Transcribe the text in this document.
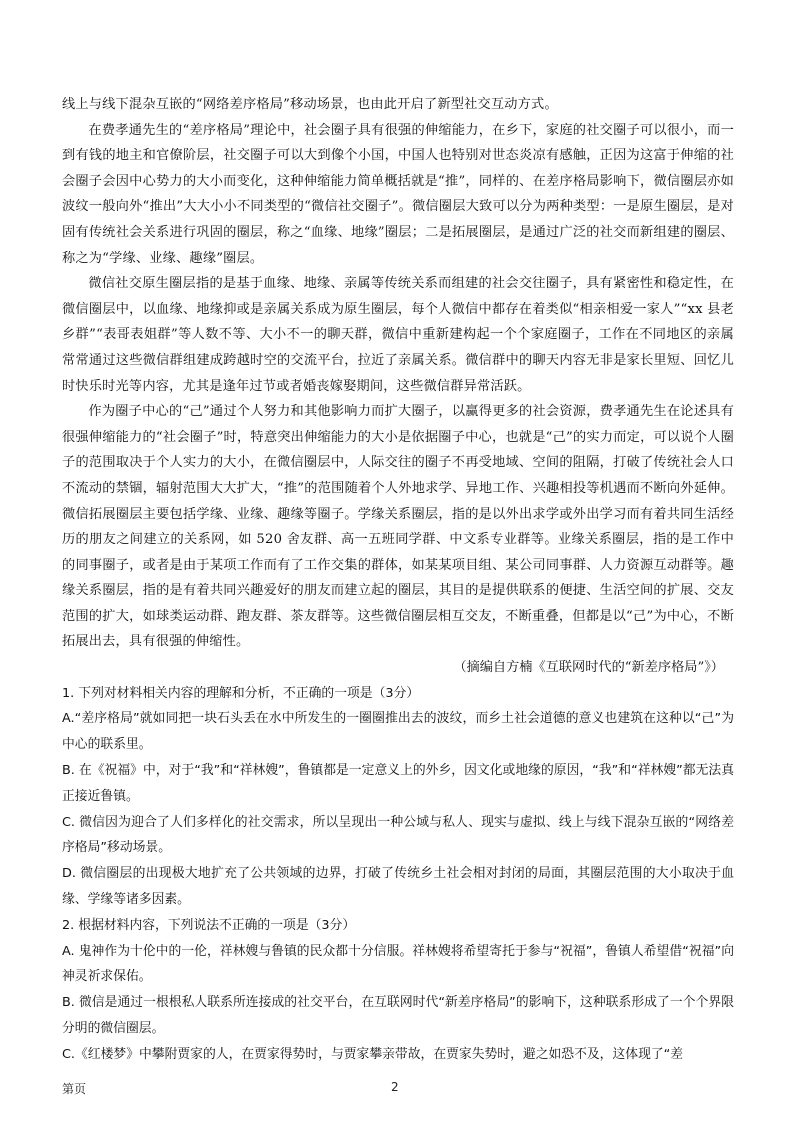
线上与线下混杂互嵌的“网络差序格局”移动场景，也由此开启了新型社交互动方式。

在费孝通先生的“差序格局”理论中，社会圈子具有很强的伸缩能力，在乡下，家庭的社交圈子可以很小，而一到有钱的地主和官僚阶层，社交圈子可以大到像个小国，中国人也特别对世态炎凉有感触，正因为这富于伸缩的社会圈子会因中心势力的大小而变化，这种伸缩能力简单概括就是“推”，同样的、在差序格局影响下，微信圈层亦如波纹一般向外“推出”大大小小不同类型的“微信社交圈子”。微信圈层大致可以分为两种类型：一是原生圈层，是对固有传统社会关系进行巩固的圈层，称之“血缘、地缘”圈层；二是拓展圈层，是通过广泛的社交而新组建的圈层、称之为“学缘、业缘、趣缘”圈层。

微信社交原生圈层指的是基于血缘、地缘、亲属等传统关系而组建的社会交往圈子，具有紧密性和稳定性，在微信圈层中，以血缘、地缘抑或是亲属关系成为原生圈层，每个人微信中都存在着类似“相亲相爱一家人”“xx 县老乡群”“表哥表姐群”等人数不等、大小不一的聊天群，微信中重新建构起一个个家庭圈子，工作在不同地区的亲属常常通过这些微信群组建成跨越时空的交流平台，拉近了亲属关系。微信群中的聊天内容无非是家长里短、回忆儿时快乐时光等内容，尤其是逢年过节或者婚丧嫁娶期间，这些微信群异常活跃。

作为圈子中心的“己”通过个人努力和其他影响力而扩大圈子，以赢得更多的社会资源，费孝通先生在论述具有很强伸缩能力的“社会圈子”时，特意突出伸缩能力的大小是依据圈子中心，也就是“己”的实力而定，可以说个人圈子的范围取决于个人实力的大小，在微信圈层中，人际交往的圈子不再受地域、空间的阻隔，打破了传统社会人口不流动的禁锢，辐射范围大大扩大，“推”的范围随着个人外地求学、异地工作、兴趣相投等机遇而不断向外延伸。微信拓展圈层主要包括学缘、业缘、趣缘等圈子。学缘关系圈层，指的是以外出求学或外出学习而有着共同生活经历的朋友之间建立的关系网，如 520 舍友群、高一五班同学群、中文系专业群等。业缘关系圈层，指的是工作中的同事圈子，或者是由于某项工作而有了工作交集的群体，如某某项目组、某公司同事群、人力资源互动群等。趣缘关系圈层，指的是有着共同兴趣爱好的朋友而建立起的圈层，其目的是提供联系的便捷、生活空间的扩展、交友范围的扩大，如球类运动群、跑友群、茶友群等。这些微信圈层相互交友，不断重叠，但都是以“己”为中心，不断拓展出去，具有很强的伸缩性。

（摘编自方楠《互联网时代的“新差序格局”》）

1. 下列对材料相关内容的理解和分析，不正确的一项是（3分）

A.“差序格局”就如同把一块石头丢在水中所发生的一圈圈推出去的波纹，而乡土社会道德的意义也建筑在这种以“己”为中心的联系里。

B. 在《祝福》中，对于“我”和“祥林嫂”，鲁镇都是一定意义上的外乡，因文化或地缘的原因，“我”和“祥林嫂”都无法真正接近鲁镇。

C. 微信因为迎合了人们多样化的社交需求，所以呈现出一种公域与私人、现实与虚拟、线上与线下混杂互嵌的“网络差序格局”移动场景。

D. 微信圈层的出现极大地扩充了公共领域的边界，打破了传统乡土社会相对封闭的局面，其圈层范围的大小取决于血缘、学缘等诸多因素。

2. 根据材料内容，下列说法不正确的一项是（3分）

A. 鬼神作为十伦中的一伦，祥林嫂与鲁镇的民众都十分信服。祥林嫂将希望寄托于参与“祝福”，鲁镇人希望借“祝福”向神灵祈求保佑。

B. 微信是通过一根根私人联系所连接成的社交平台，在互联网时代“新差序格局”的影响下，这种联系形成了一个个界限分明的微信圈层。

C.《红楼梦》中攀附贾家的人，在贾家得势时，与贾家攀亲带故，在贾家失势时，避之如恐不及，这体现了“差

第页	2
